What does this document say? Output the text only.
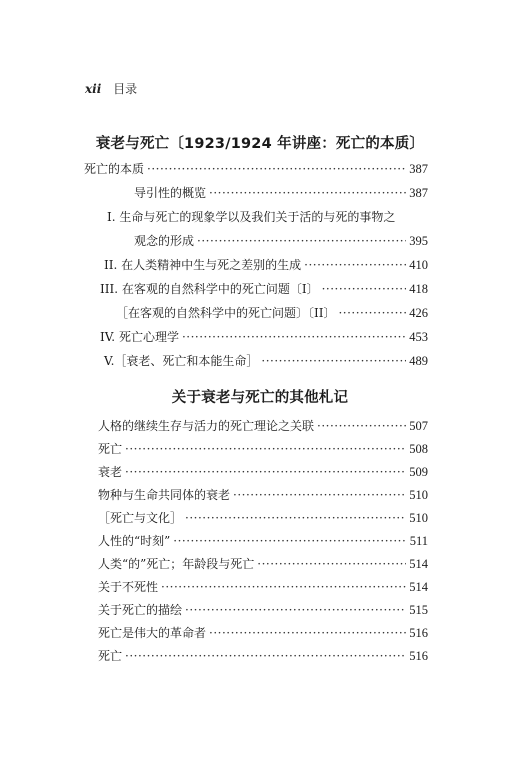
xii 目录
衰老与死亡〔1923/1924 年讲座：死亡的本质〕
死亡的本质 ·····	387
导引性的概览 ·····	387
I. 生命与死亡的现象学以及我们关于活的与死的事物之
观念的形成 ·····	395
II. 在人类精神中生与死之差别的生成 ·····	410
III. 在客观的自然科学中的死亡问题〔I〕 ·····	418
［在客观的自然科学中的死亡问题〕〔II〕 ·····	426
IV. 死亡心理学 ·····	453
V.［衰老、死亡和本能生命］ ·····	489
关于衰老与死亡的其他札记
人格的继续生存与活力的死亡理论之关联 ·····	507
死亡 ·····	508
衰老 ·····	509
物种与生命共同体的衰老 ·····	510
［死亡与文化］ ·····	510
人性的“时刻” ·····	511
人类“的”死亡；年龄段与死亡 ·····	514
关于不死性 ·····	514
关于死亡的描绘 ·····	515
死亡是伟大的革命者 ·····	516
死亡 ·····	516
